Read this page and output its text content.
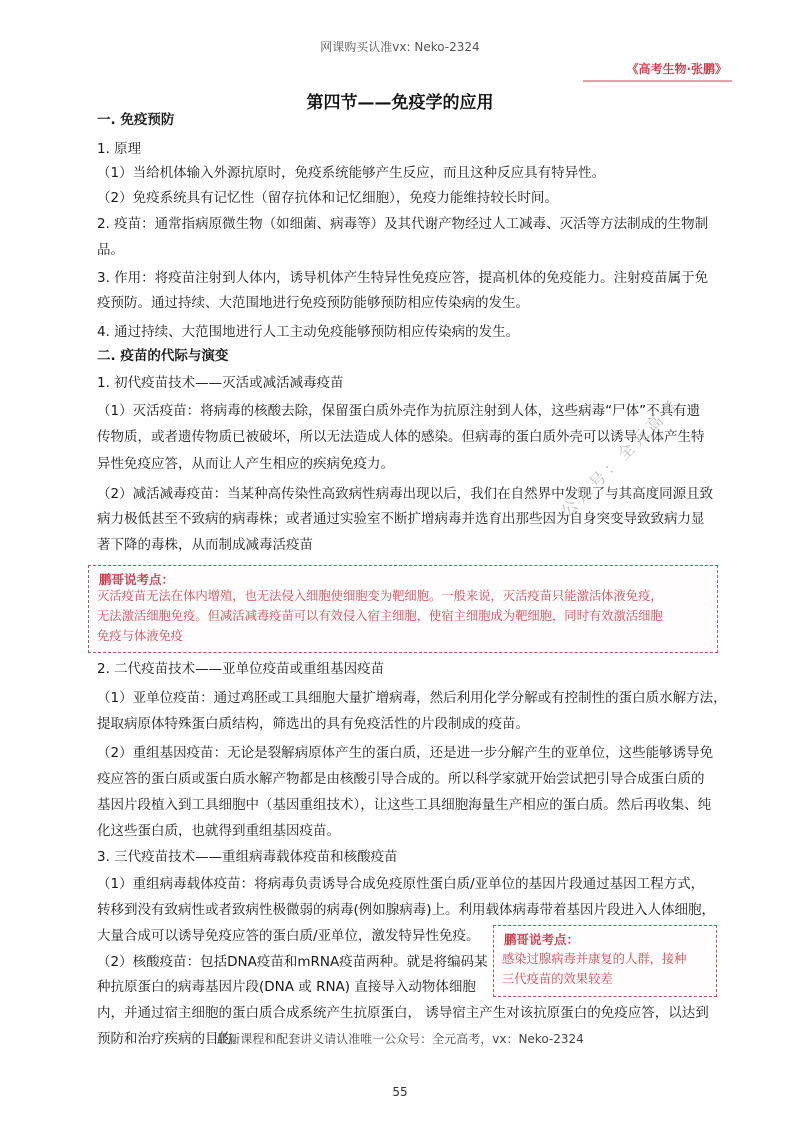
网课购买认准vx: Neko-2324
《高考生物·张鹏》
第四节——免疫学的应用
一. 免疫预防
1. 原理
（1）当给机体输入外源抗原时，免疫系统能够产生反应，而且这种反应具有特异性。
（2）免疫系统具有记忆性（留存抗体和记忆细胞），免疫力能维持较长时间。
2. 疫苗：通常指病原微生物（如细菌、病毒等）及其代谢产物经过人工减毒、灭活等方法制成的生物制
品。
3. 作用：将疫苗注射到人体内，诱导机体产生特异性免疫应答，提高机体的免疫能力。注射疫苗属于免
疫预防。通过持续、大范围地进行免疫预防能够预防相应传染病的发生。
4. 通过持续、大范围地进行人工主动免疫能够预防相应传染病的发生。
二. 疫苗的代际与演变
1. 初代疫苗技术——灭活或减活减毒疫苗
（1）灭活疫苗：将病毒的核酸去除，保留蛋白质外壳作为抗原注射到人体，这些病毒“尸体”不具有遗
传物质，或者遗传物质已被破坏，所以无法造成人体的感染。但病毒的蛋白质外壳可以诱导人体产生特
异性免疫应答，从而让人产生相应的疾病免疫力。
（2）减活减毒疫苗：当某种高传染性高致病性病毒出现以后，我们在自然界中发现了与其高度同源且致
病力极低甚至不致病的病毒株；或者通过实验室不断扩增病毒并选育出那些因为自身突变导致致病力显
著下降的毒株，从而制成减毒活疫苗
鹏哥说考点：
灭活疫苗无法在体内增殖，也无法侵入细胞使细胞变为靶细胞。一般来说，灭活疫苗只能激活体液免疫，
无法激活细胞免疫。但减活减毒疫苗可以有效侵入宿主细胞，使宿主细胞成为靶细胞，同时有效激活细胞
免疫与体液免疫
2. 二代疫苗技术——亚单位疫苗或重组基因疫苗
（1）亚单位疫苗：通过鸡胚或工具细胞大量扩增病毒，然后利用化学分解或有控制性的蛋白质水解方法，
提取病原体特殊蛋白质结构，筛选出的具有免疫活性的片段制成的疫苗。
（2）重组基因疫苗：无论是裂解病原体产生的蛋白质，还是进一步分解产生的亚单位，这些能够诱导免
疫应答的蛋白质或蛋白质水解产物都是由核酸引导合成的。所以科学家就开始尝试把引导合成蛋白质的
基因片段植入到工具细胞中（基因重组技术），让这些工具细胞海量生产相应的蛋白质。然后再收集、纯
化这些蛋白质，也就得到重组基因疫苗。
3. 三代疫苗技术——重组病毒载体疫苗和核酸疫苗
（1）重组病毒载体疫苗：将病毒负责诱导合成免疫原性蛋白质/亚单位的基因片段通过基因工程方式，
转移到没有致病性或者致病性极微弱的病毒(例如腺病毒)上。利用载体病毒带着基因片段进入人体细胞，
大量合成可以诱导免疫应答的蛋白质/亚单位，激发特异性免疫。
（2）核酸疫苗：包括DNA疫苗和mRNA疫苗两种。就是将编码某
种抗原蛋白的病毒基因片段(DNA 或 RNA) 直接导入动物体细胞
内，并通过宿主细胞的蛋白质合成系统产生抗原蛋白， 诱导宿主产生对该抗原蛋白的免疫应答，以达到
预防和治疗疾病的目的。
鹏哥说考点：
感染过腺病毒并康复的人群，接种
三代疫苗的效果较差
公众号：全元高考
最新课程和配套讲义请认准唯一公众号：全元高考，vx：Neko-2324
55
